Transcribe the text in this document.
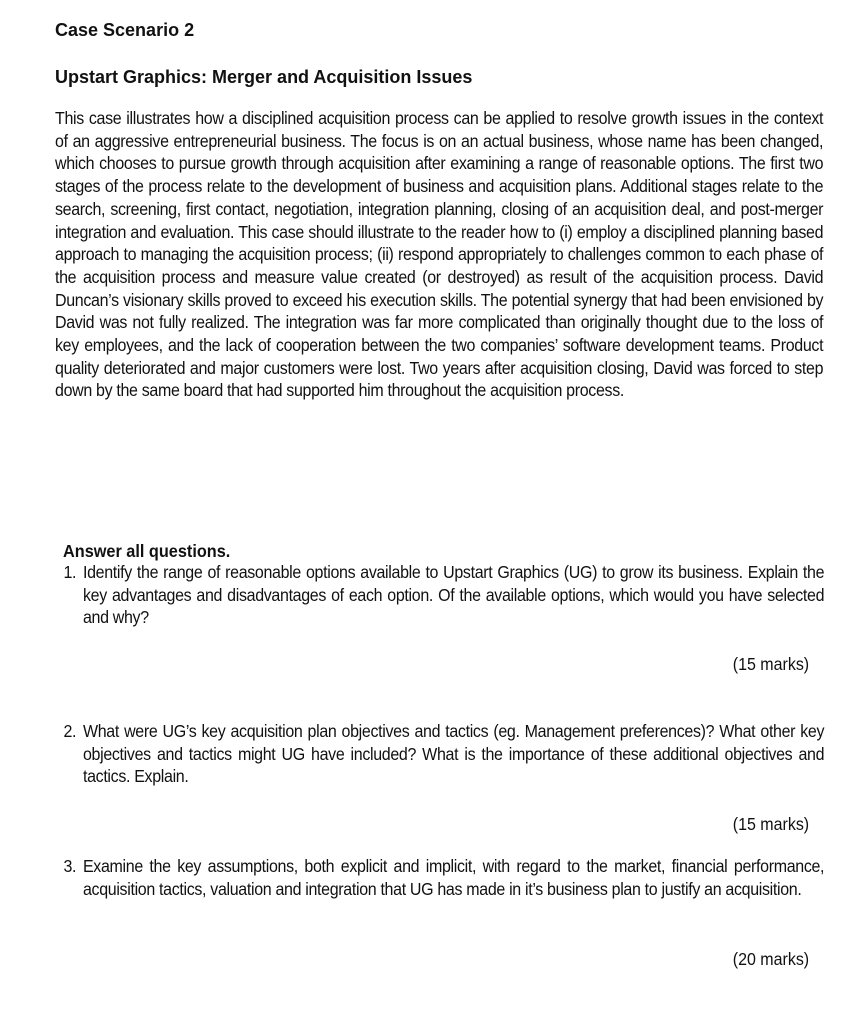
Case Scenario 2
Upstart Graphics: Merger and Acquisition Issues

This case illustrates how a disciplined acquisition process can be applied to resolve growth issues in the context of an aggressive entrepreneurial business. The focus is on an actual business, whose name has been changed, which chooses to pursue growth through acquisition after examining a range of reasonable options. The first two stages of the process relate to the development of business and acquisition plans. Additional stages relate to the search, screening, first contact, negotiation, integration planning, closing of an acquisition deal, and post-merger integration and evaluation. This case should illustrate to the reader how to (i) employ a disciplined planning based approach to managing the acquisition process; (ii) respond appropriately to challenges common to each phase of the acquisition process and measure value created (or destroyed) as result of the acquisition process. David Duncan’s visionary skills proved to exceed his execution skills. The potential synergy that had been envisioned by David was not fully realized. The integration was far more complicated than originally thought due to the loss of key employees, and the lack of cooperation between the two companies’ software development teams. Product quality deteriorated and major customers were lost. Two years after acquisition closing, David was forced to step down by the same board that had supported him throughout the acquisition process.

Answer all questions.

1. Identify the range of reasonable options available to Upstart Graphics (UG) to grow its business. Explain the key advantages and disadvantages of each option. Of the available options, which would you have selected and why?

(15 marks)

2. What were UG’s key acquisition plan objectives and tactics (eg. Management preferences)? What other key objectives and tactics might UG have included? What is the importance of these additional objectives and tactics. Explain.

(15 marks)

3. Examine the key assumptions, both explicit and implicit, with regard to the market, financial performance, acquisition tactics, valuation and integration that UG has made in it’s business plan to justify an acquisition.

(20 marks)
